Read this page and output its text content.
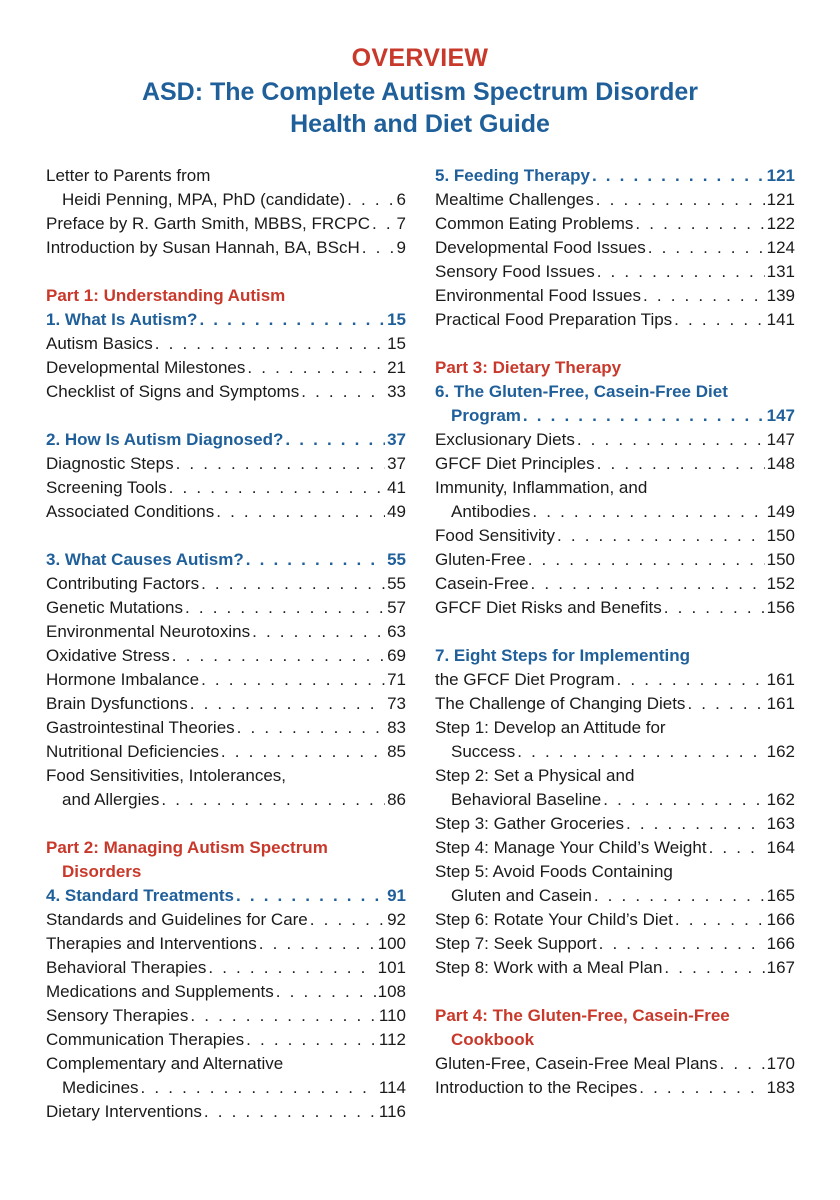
OVERVIEW
ASD: The Complete Autism Spectrum Disorder
Health and Diet Guide
Letter to Parents from
Heidi Penning, MPA, PhD (candidate) . . .	6
Preface by R. Garth Smith, MBBS, FRCPC . . . 7
Introduction by Susan Hannah, BA, BScH . . . 9
Part 1: Understanding Autism
1. What Is Autism? . . .	15
Autism Basics . . .	15
Developmental Milestones . . .	21
Checklist of Signs and Symptoms . . .	33
2. How Is Autism Diagnosed? . . .	37
Diagnostic Steps . . .	37
Screening Tools . . .	41
Associated Conditions . . .	49
3. What Causes Autism? . . .	55
Contributing Factors . . .	55
Genetic Mutations . . .	57
Environmental Neurotoxins . . .	63
Oxidative Stress . . .	69
Hormone Imbalance . . .	71
Brain Dysfunctions . . .	73
Gastrointestinal Theories . . .	83
Nutritional Deficiencies . . .	85
Food Sensitivities, Intolerances,
and Allergies . . .	86
Part 2: Managing Autism Spectrum
Disorders
4. Standard Treatments . . .	91
Standards and Guidelines for Care . . .	92
Therapies and Interventions . . .	100
Behavioral Therapies . . .	101
Medications and Supplements . . .	108
Sensory Therapies . . .	110
Communication Therapies . . .	112
Complementary and Alternative
Medicines . . .	114
Dietary Interventions . . .	116
5. Feeding Therapy . . .	121
Mealtime Challenges . . .	121
Common Eating Problems . . .	122
Developmental Food Issues . . .	124
Sensory Food Issues . . .	131
Environmental Food Issues . . .	139
Practical Food Preparation Tips . . .	141
Part 3: Dietary Therapy
6. The Gluten-Free, Casein-Free Diet
Program . . .	147
Exclusionary Diets . . .	147
GFCF Diet Principles . . .	148
Immunity, Inflammation, and
Antibodies . . .	149
Food Sensitivity . . .	150
Gluten-Free . . .	150
Casein-Free . . .	152
GFCF Diet Risks and Benefits . . .	156
7. Eight Steps for Implementing
the GFCF Diet Program . . .	161
The Challenge of Changing Diets . . .	161
Step 1: Develop an Attitude for
Success . . .	162
Step 2: Set a Physical and
Behavioral Baseline . . .	162
Step 3: Gather Groceries . . .	163
Step 4: Manage Your Child’s Weight . . .	164
Step 5: Avoid Foods Containing
Gluten and Casein . . .	165
Step 6: Rotate Your Child’s Diet . . .	166
Step 7: Seek Support . . .	166
Step 8: Work with a Meal Plan . . .	167
Part 4: The Gluten-Free, Casein-Free
Cookbook
Gluten-Free, Casein-Free Meal Plans . . .	170
Introduction to the Recipes . . .	183
